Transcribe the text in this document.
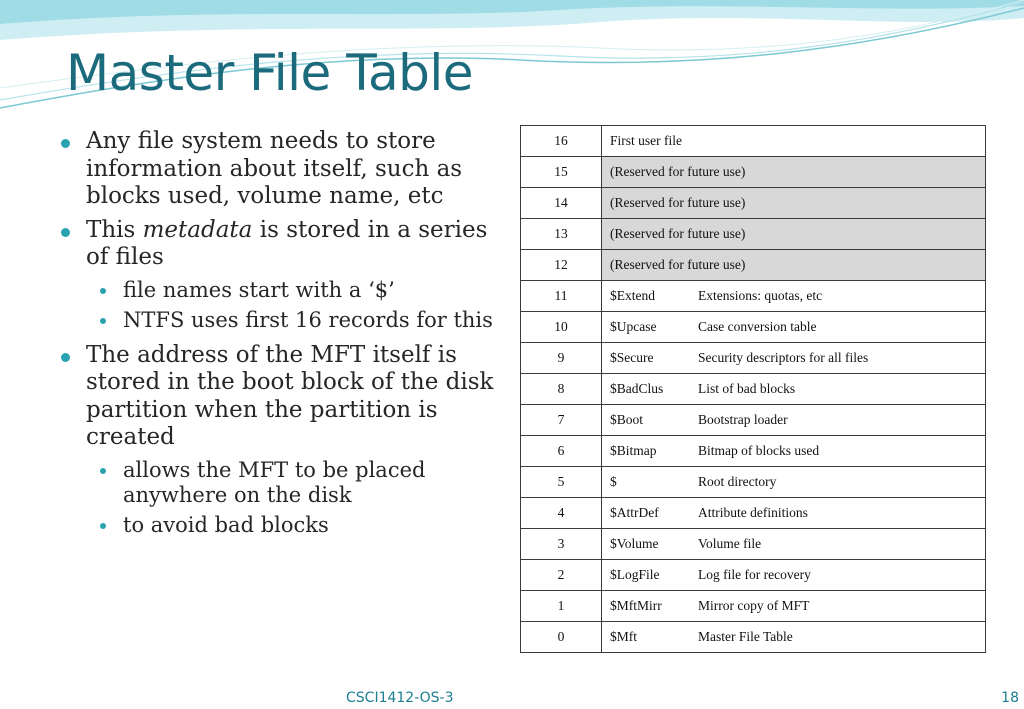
Master File Table
Any file system needs to store information about itself, such as blocks used, volume name, etc
This metadata is stored in a series of files
file names start with a ‘$’
NTFS uses first 16 records for this
The address of the MFT itself is stored in the boot block of the disk partition when the partition is created
allows the MFT to be placed anywhere on the disk
to avoid bad blocks
16	First user file
15	(Reserved for future use)
14	(Reserved for future use)
13	(Reserved for future use)
12	(Reserved for future use)
11	$Extend Extensions: quotas, etc
10	$Upcase Case conversion table
9	$Secure Security descriptors for all files
8	$BadClus List of bad blocks
7	$Boot Bootstrap loader
6	$Bitmap Bitmap of blocks used
5	$ Root directory
4	$AttrDef Attribute definitions
3	$Volume Volume file
2	$LogFile Log file for recovery
1	$MftMirr Mirror copy of MFT
0	$Mft Master File Table
CSCI1412-OS-3	18
